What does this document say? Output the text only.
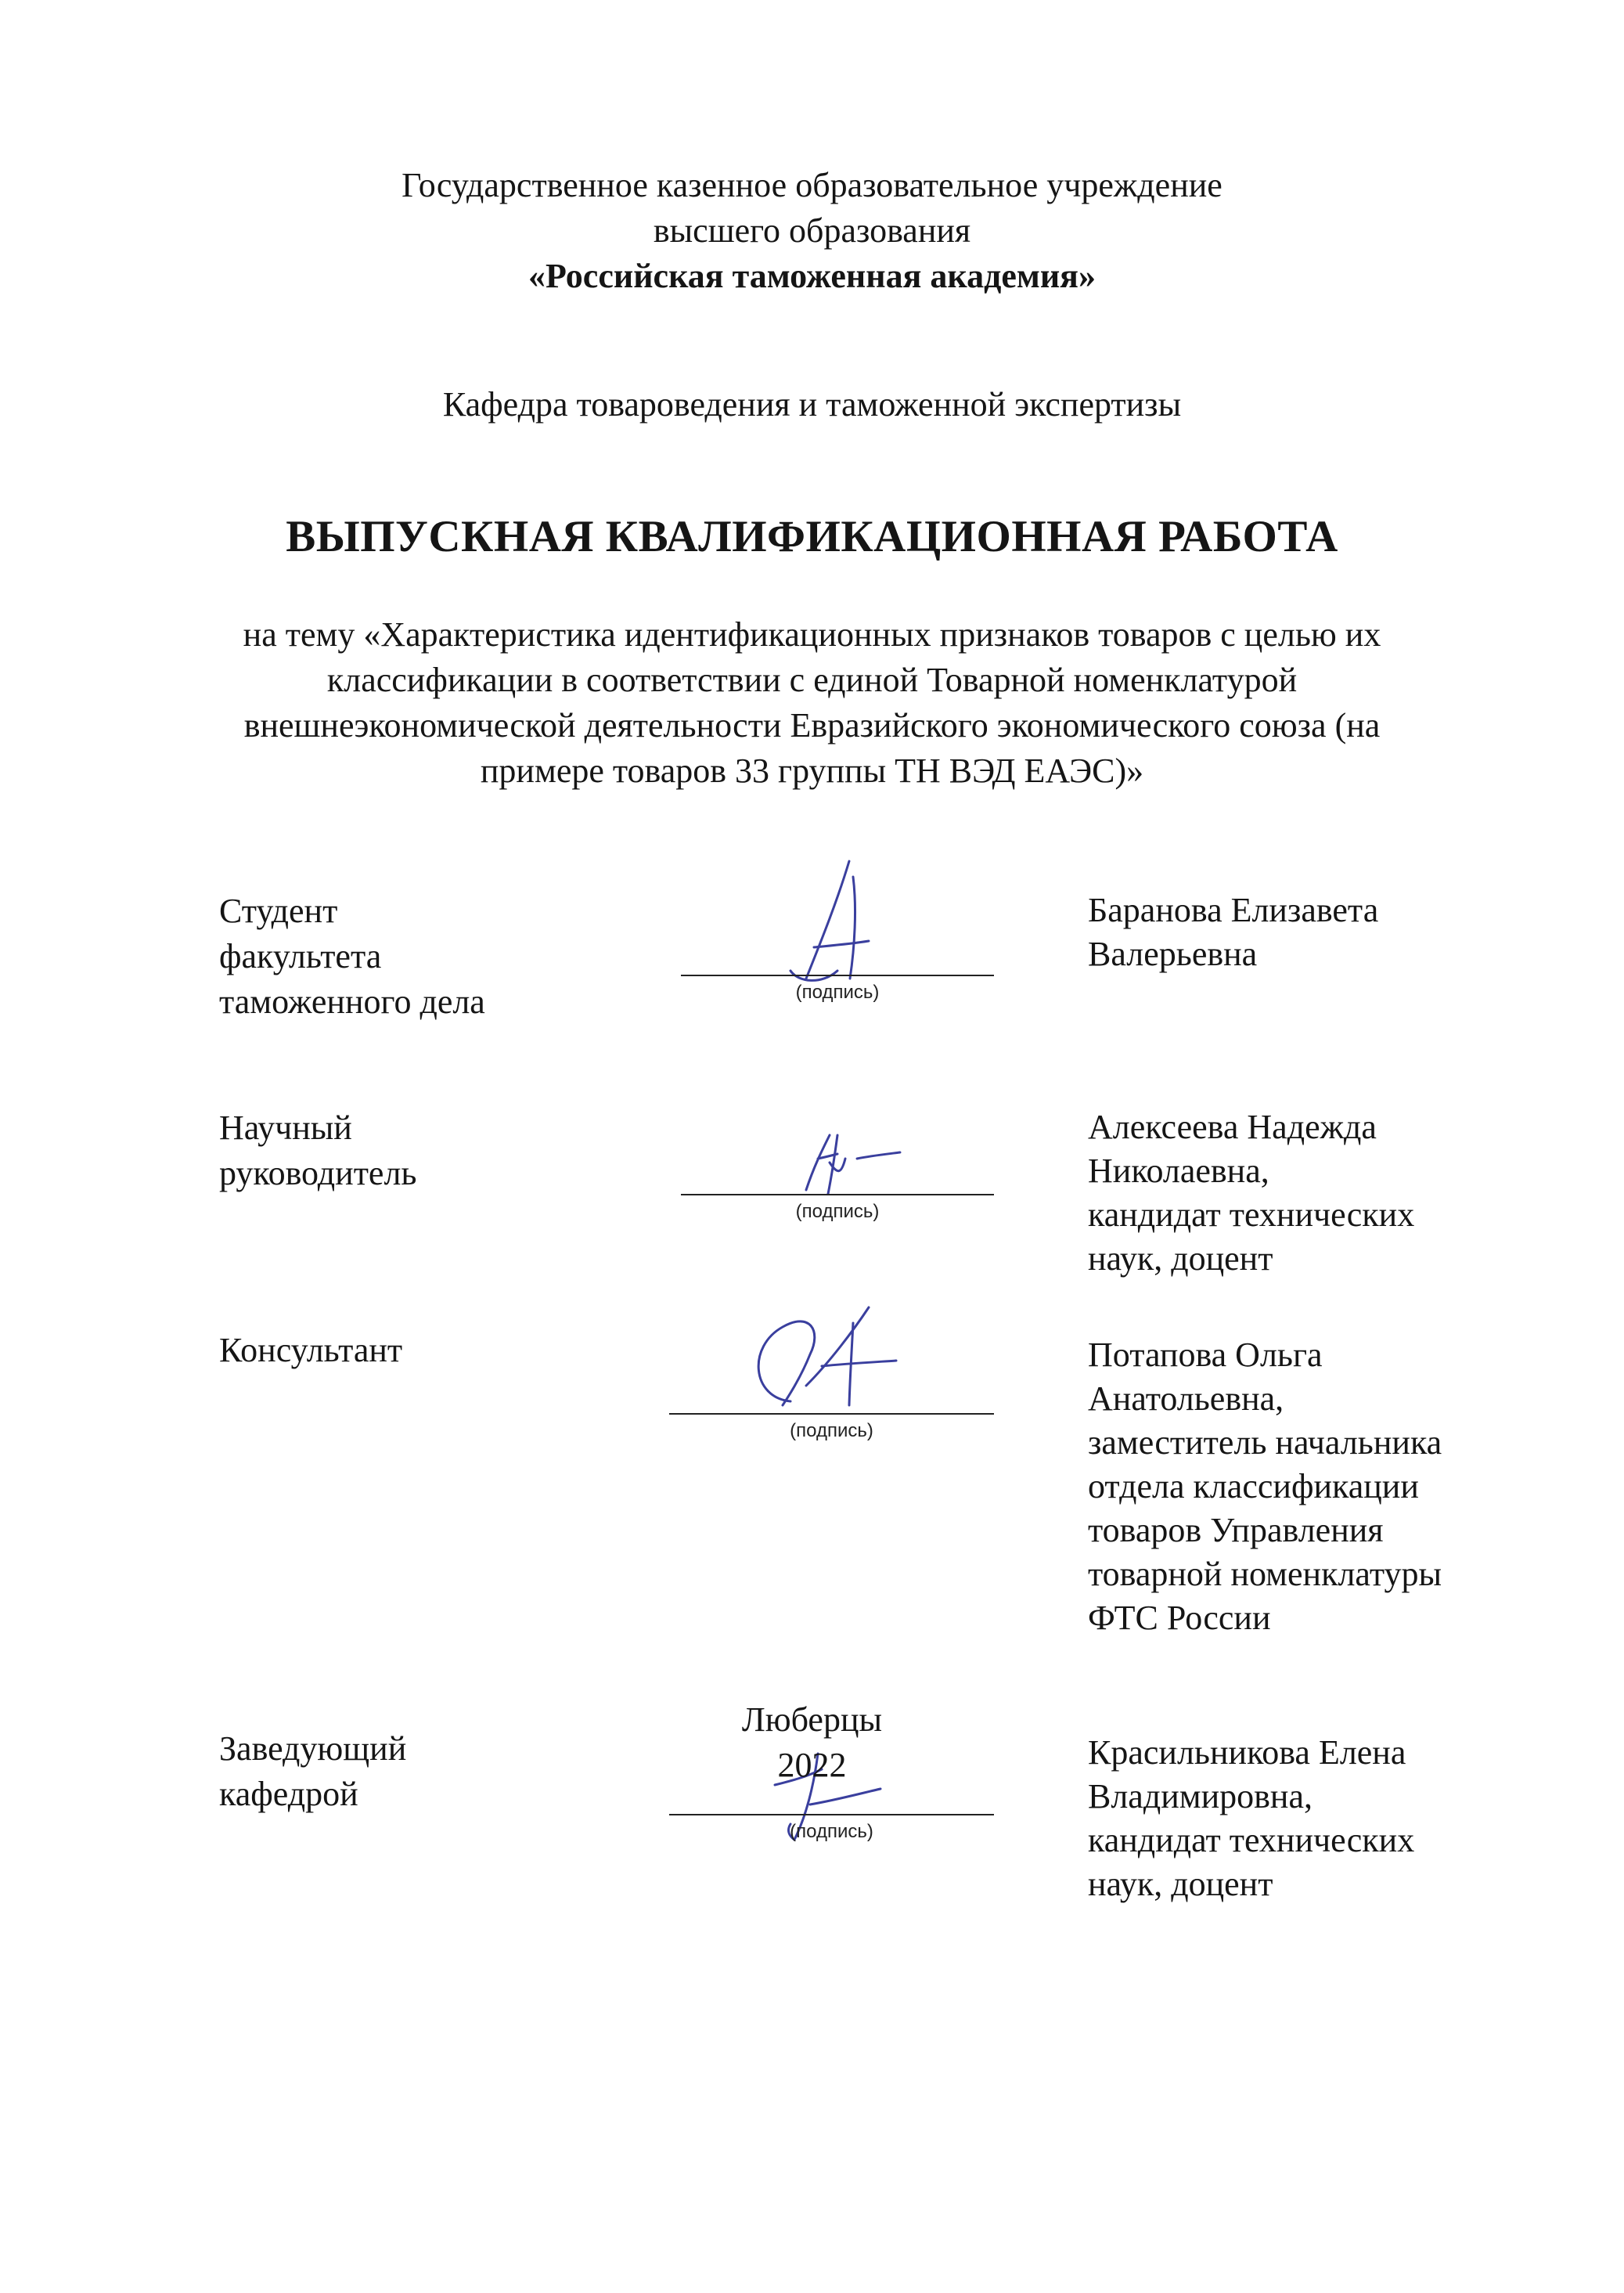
Государственное казенное образовательное учреждение
высшего образования
«Российская таможенная академия»
Кафедра товароведения и таможенной экспертизы
ВЫПУСКНАЯ КВАЛИФИКАЦИОННАЯ РАБОТА
на тему «Характеристика идентификационных признаков товаров с целью их
классификации в соответствии с единой Товарной номенклатурой
внешнеэкономической деятельности Евразийского экономического союза (на
примере товаров 33 группы ТН ВЭД ЕАЭС)»
Студент
факультета
таможенного дела	(подпись)
Баранова Елизавета
Валерьевна
Научный
руководитель
(подпись)
Алексеева Надежда
Николаевна,
кандидат технических
наук, доцент
Консультант
(подпись)
Потапова Ольга
Анатольевна,
заместитель начальника
отдела классификации
товаров Управления
товарной номенклатуры
ФТС России
Заведующий
кафедрой
(подпись)
Красильникова Елена
Владимировна,
кандидат технических
наук, доцент
Люберцы
2022
